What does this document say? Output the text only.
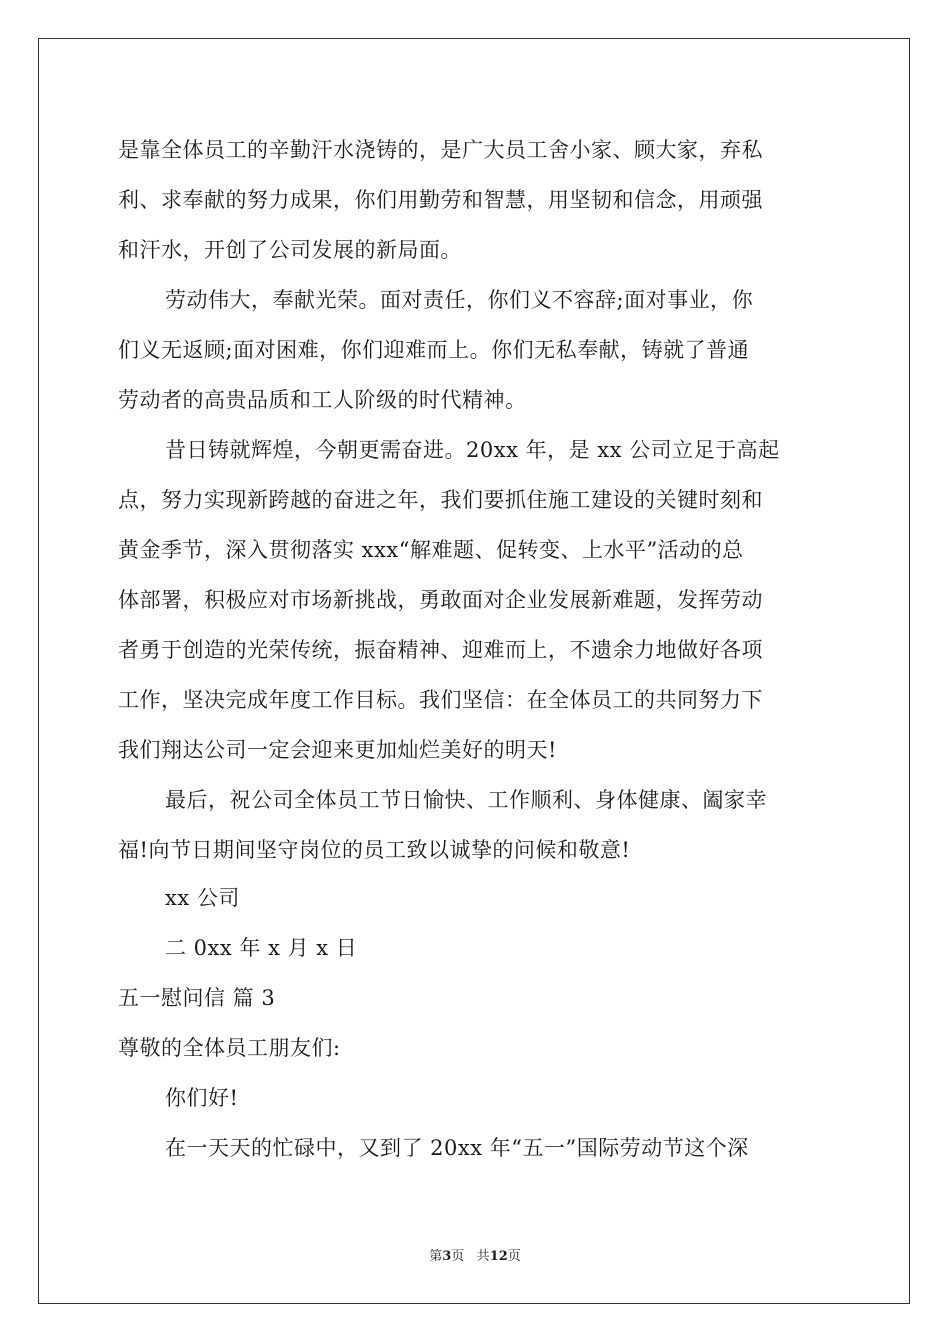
是靠全体员工的辛勤汗水浇铸的，是广大员工舍小家、顾大家，弃私
利、求奉献的努力成果，你们用勤劳和智慧，用坚韧和信念，用顽强
和汗水，开创了公司发展的新局面。
劳动伟大，奉献光荣。面对责任，你们义不容辞;面对事业，你
们义无返顾;面对困难，你们迎难而上。你们无私奉献，铸就了普通
劳动者的高贵品质和工人阶级的时代精神。
昔日铸就辉煌，今朝更需奋进。20xx 年，是 xx 公司立足于高起
点，努力实现新跨越的奋进之年，我们要抓住施工建设的关键时刻和
黄金季节，深入贯彻落实 xxx“解难题、促转变、上水平”活动的总
体部署，积极应对市场新挑战，勇敢面对企业发展新难题，发挥劳动
者勇于创造的光荣传统，振奋精神、迎难而上，不遗余力地做好各项
工作，坚决完成年度工作目标。我们坚信：在全体员工的共同努力下
我们翔达公司一定会迎来更加灿烂美好的明天!
最后，祝公司全体员工节日愉快、工作顺利、身体健康、阖家幸
福!向节日期间坚守岗位的员工致以诚挚的问候和敬意!
xx 公司
二 0xx 年 x 月 x 日
五一慰问信 篇 3
尊敬的全体员工朋友们:
你们好!
在一天天的忙碌中，又到了 20xx 年“五一”国际劳动节这个深
第3页 共12页
